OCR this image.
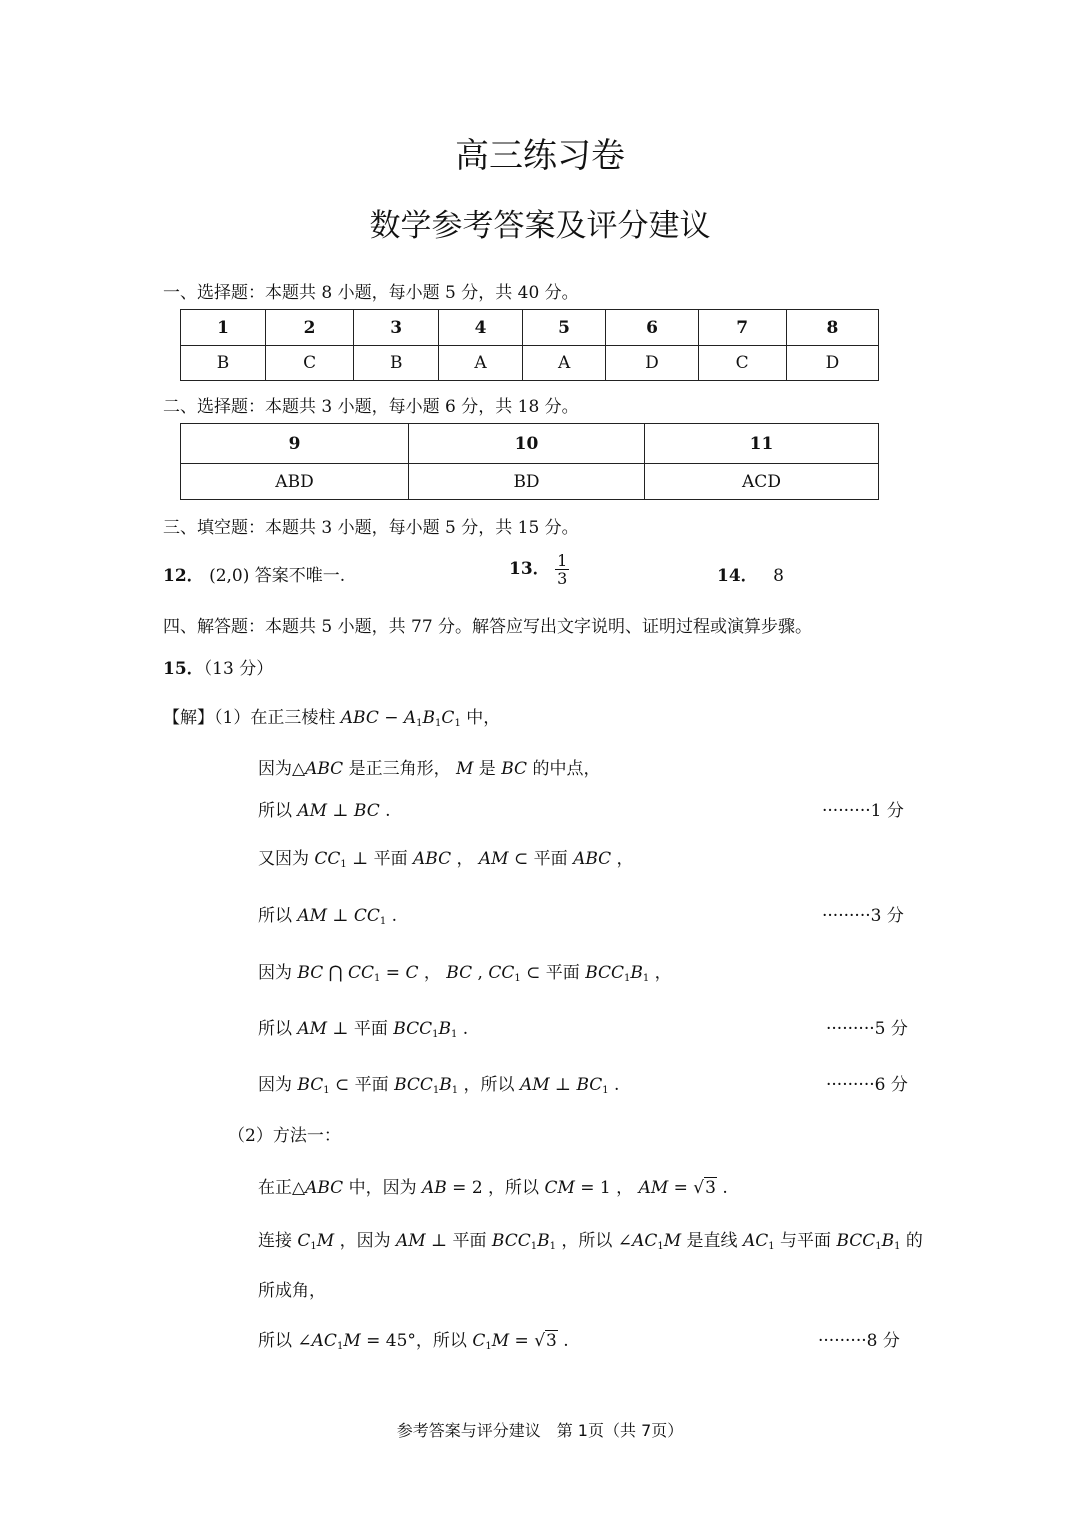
高三练习卷
数学参考答案及评分建议
一、选择题：本题共 8 小题，每小题 5 分，共 40 分。
1	2	3	4	5	6	7	8
B	C	B	A	A	D	C	D
二、选择题：本题共 3 小题，每小题 6 分，共 18 分。
9	10	11
ABD	BD	ACD
三、填空题：本题共 3 小题，每小题 5 分，共 15 分。
12． (2,0) 答案不唯一.	13． $\frac{1}{3}$	14． 8
四、解答题：本题共 5 小题，共 77 分。解答应写出文字说明、证明过程或演算步骤。
15．（13 分）
【解】（1）在正三棱柱 ABC − $A_1B_1C_1$ 中，
因为△ABC 是正三角形， M 是 BC 的中点，
所以 AM ⊥ BC .	·········1 分
又因为 $CC_1$ ⊥ 平面 ABC ， AM ⊂ 平面 ABC ，
所以 AM ⊥ $CC_1$ .	·········3 分
因为 BC ⋂ $CC_1 = C$ ， BC , $CC_1$ ⊂ 平面 $BCC_1B_1$ ，
所以 AM ⊥ 平面 $BCC_1B_1$ .	·········5 分
因为 $BC_1$ ⊂ 平面 $BCC_1B_1$ ，所以 AM ⊥ $BC_1$ .	·········6 分
（2）方法一：
在正△ABC 中，因为 AB = 2 ，所以 CM = 1 ， AM = √3 .
连接 $C_1M$ ，因为 AM ⊥ 平面 $BCC_1B_1$ ，所以 $\angle AC_1M$ 是直线 $AC_1$ 与平面 $BCC_1B_1$ 的
所成角，
所以 $\angle AC_1M = 45^\circ$，所以 $C_1M = √3$ .	·········8 分
参考答案与评分建议　第 1页（共 7页）
